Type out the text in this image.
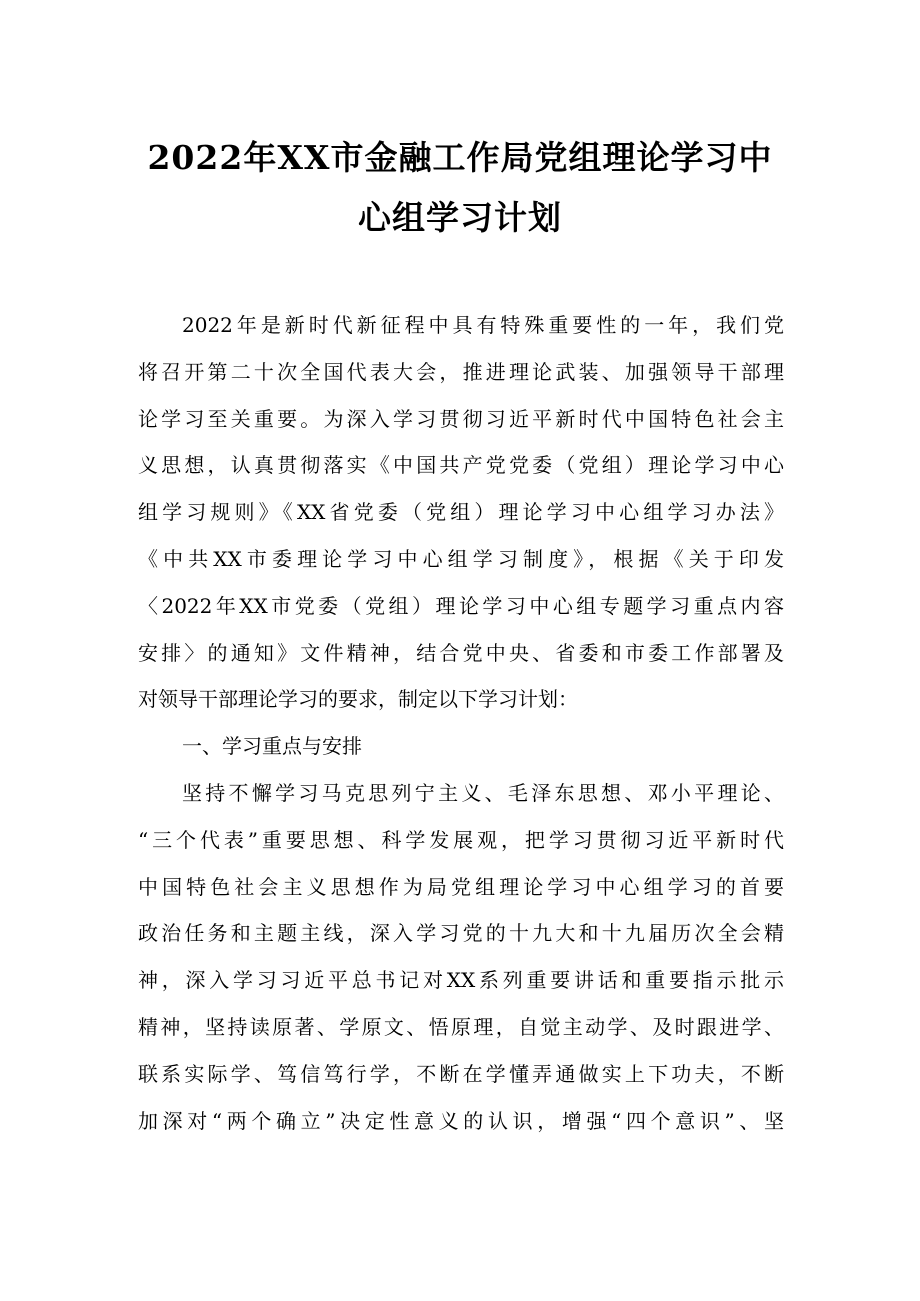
2022年XX市金融工作局党组理论学习中
心组学习计划
2022年是新时代新征程中具有特殊重要性的一年，我们党
将召开第二十次全国代表大会，推进理论武装、加强领导干部理
论学习至关重要。为深入学习贯彻习近平新时代中国特色社会主
义思想，认真贯彻落实《中国共产党党委（党组）理论学习中心
组学习规则》《XX省党委（党组）理论学习中心组学习办法》
《中共XX市委理论学习中心组学习制度》，根据《关于印发
〈2022年XX市党委（党组）理论学习中心组专题学习重点内容
安排〉的通知》文件精神，结合党中央、省委和市委工作部署及
对领导干部理论学习的要求，制定以下学习计划：
一、学习重点与安排
坚持不懈学习马克思列宁主义、毛泽东思想、邓小平理论、
“三个代表”重要思想、科学发展观，把学习贯彻习近平新时代
中国特色社会主义思想作为局党组理论学习中心组学习的首要
政治任务和主题主线，深入学习党的十九大和十九届历次全会精
神，深入学习习近平总书记对XX系列重要讲话和重要指示批示
精神，坚持读原著、学原文、悟原理，自觉主动学、及时跟进学、
联系实际学、笃信笃行学，不断在学懂弄通做实上下功夫，不断
加深对“两个确立”决定性意义的认识，增强“四个意识”、坚
